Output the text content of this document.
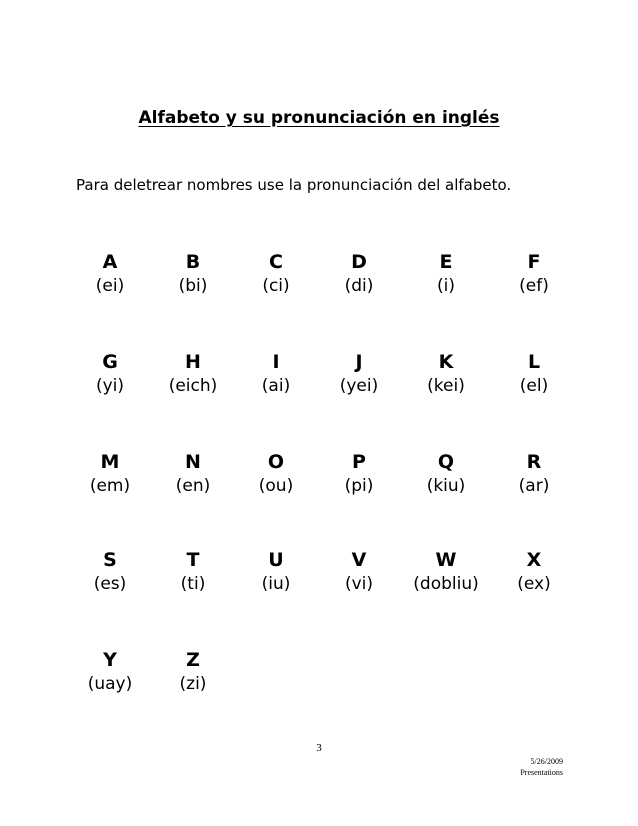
Alfabeto y su pronunciación en inglés
Para deletrear nombres use la pronunciación del alfabeto.
A
(ei)
B
(bi)
C
(ci)
D
(di)
E
(i)
F
(ef)
G
(yi)
H
(eich)
I
(ai)
J
(yei)
K
(kei)
L
(el)
M
(em)
N
(en)
O
(ou)
P
(pi)
Q
(kiu)
R
(ar)
S
(es)
T
(ti)
U
(iu)
V
(vi)
W
(dobliu)
X
(ex)
Y
(uay)
Z
(zi)
3
5/26/2009
Presentations
